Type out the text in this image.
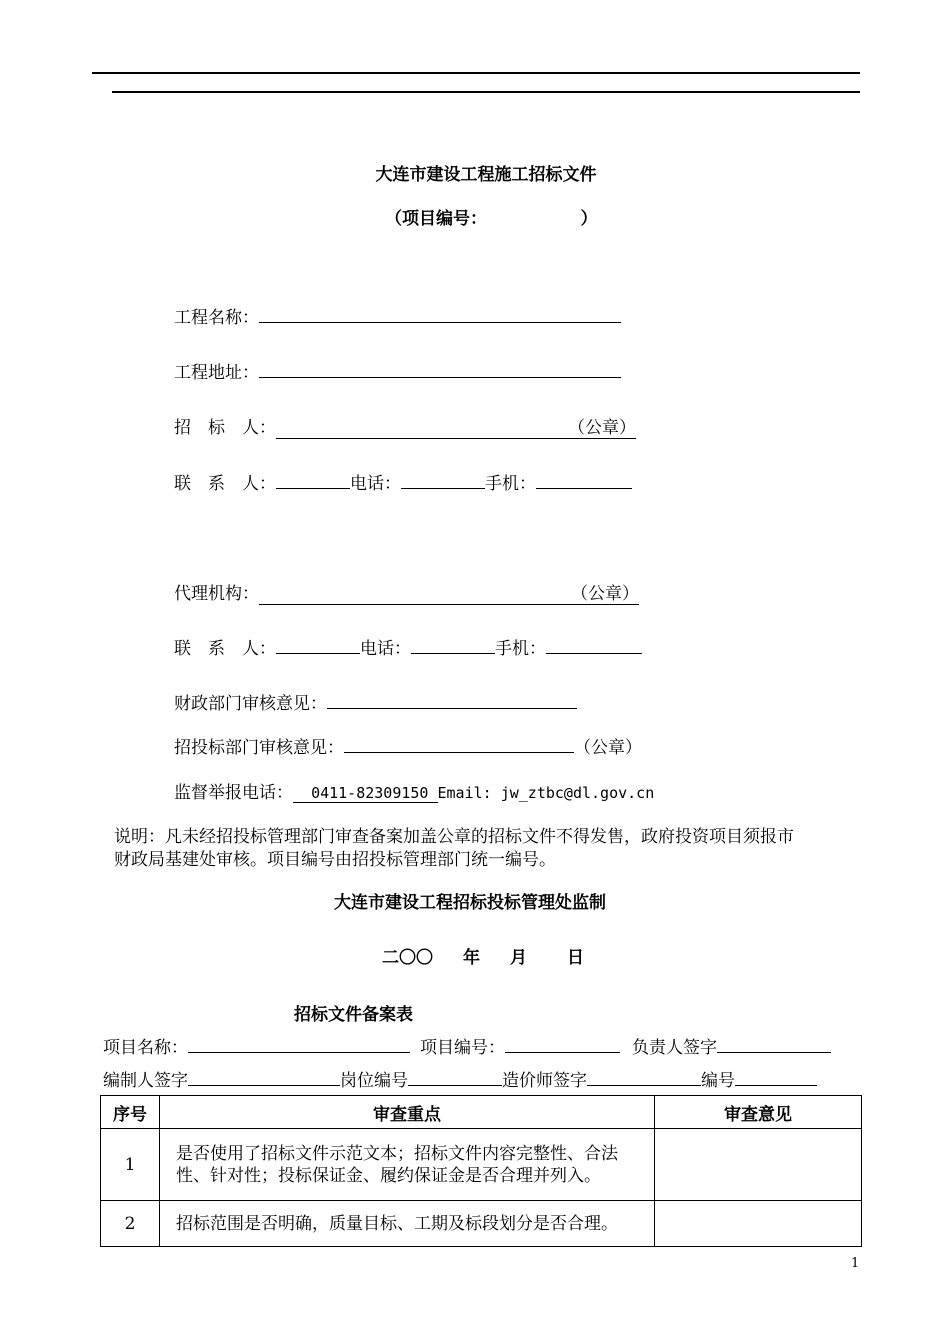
大连市建设工程施工招标文件
（项目编号：　　　　　　）
工程名称：
工程地址：
招　标　人：	（公章）
联　系　人：	电话：	手机：
代理机构：	（公章）
联　系　人：	电话：	手机：
财政部门审核意见：
招投标部门审核意见：	（公章）
监督举报电话： 0411-82309150 Email: jw_ztbc@dl.gov.cn
说明：凡未经招投标管理部门审查备案加盖公章的招标文件不得发售，政府投资项目须报市
财政局基建处审核。项目编号由招投标管理部门统一编号。
大连市建设工程招标投标管理处监制
二〇〇 年 月 日
招标文件备案表
项目名称：	项目编号：	负责人签字
编制人签字	岗位编号	造价师签字	编号
序号	审查重点	审查意见
1	是否使用了招标文件示范文本；招标文件内容完整性、合法性、针对性；投标保证金、履约保证金是否合理并列入。	
2	招标范围是否明确，质量目标、工期及标段划分是否合理。	
1
